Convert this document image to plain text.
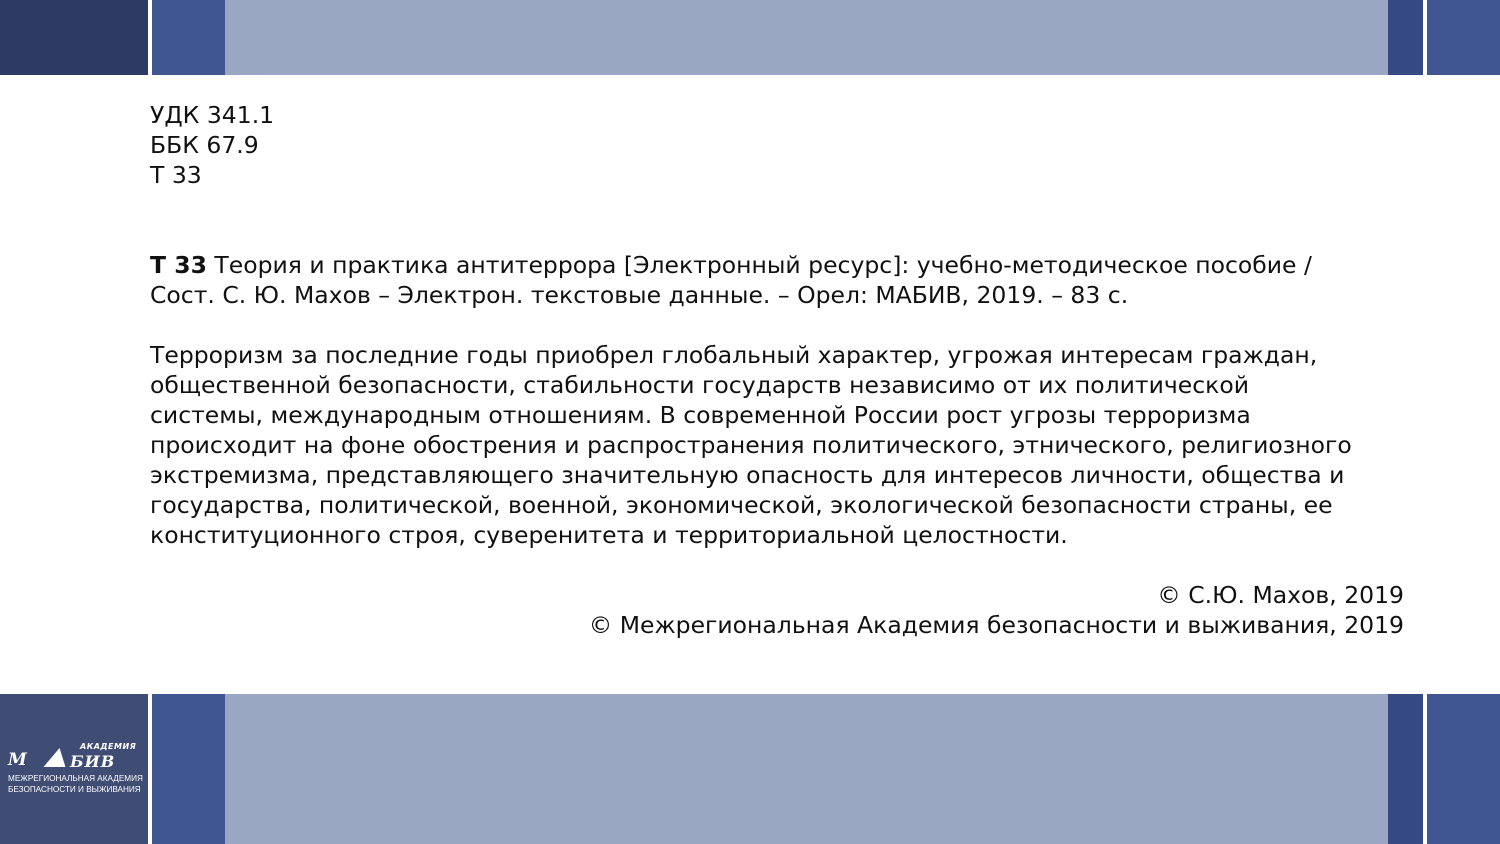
УДК 341.1
ББК 67.9
Т 33
Т 33 Теория и практика антитеррора [Электронный ресурс]: учебно-методическое пособие /
Сост. С. Ю. Махов – Электрон. текстовые данные. – Орел: МАБИВ, 2019. – 83 с.
Терроризм за последние годы приобрел глобальный характер, угрожая интересам граждан,
общественной безопасности, стабильности государств независимо от их политической
системы, международным отношениям. В современной России рост угрозы терроризма
происходит на фоне обострения и распространения политического, этнического, религиозного
экстремизма, представляющего значительную опасность для интересов личности, общества и
государства, политической, военной, экономической, экологической безопасности страны, ее
конституционного строя, суверенитета и территориальной целостности.
© С.Ю. Махов, 2019
© Межрегиональная Академия безопасности и выживания, 2019
М	БИВ
АКАДЕМИЯ
МЕЖРЕГИОНАЛЬНАЯ АКАДЕМИЯ
БЕЗОПАСНОСТИ И ВЫЖИВАНИЯ
